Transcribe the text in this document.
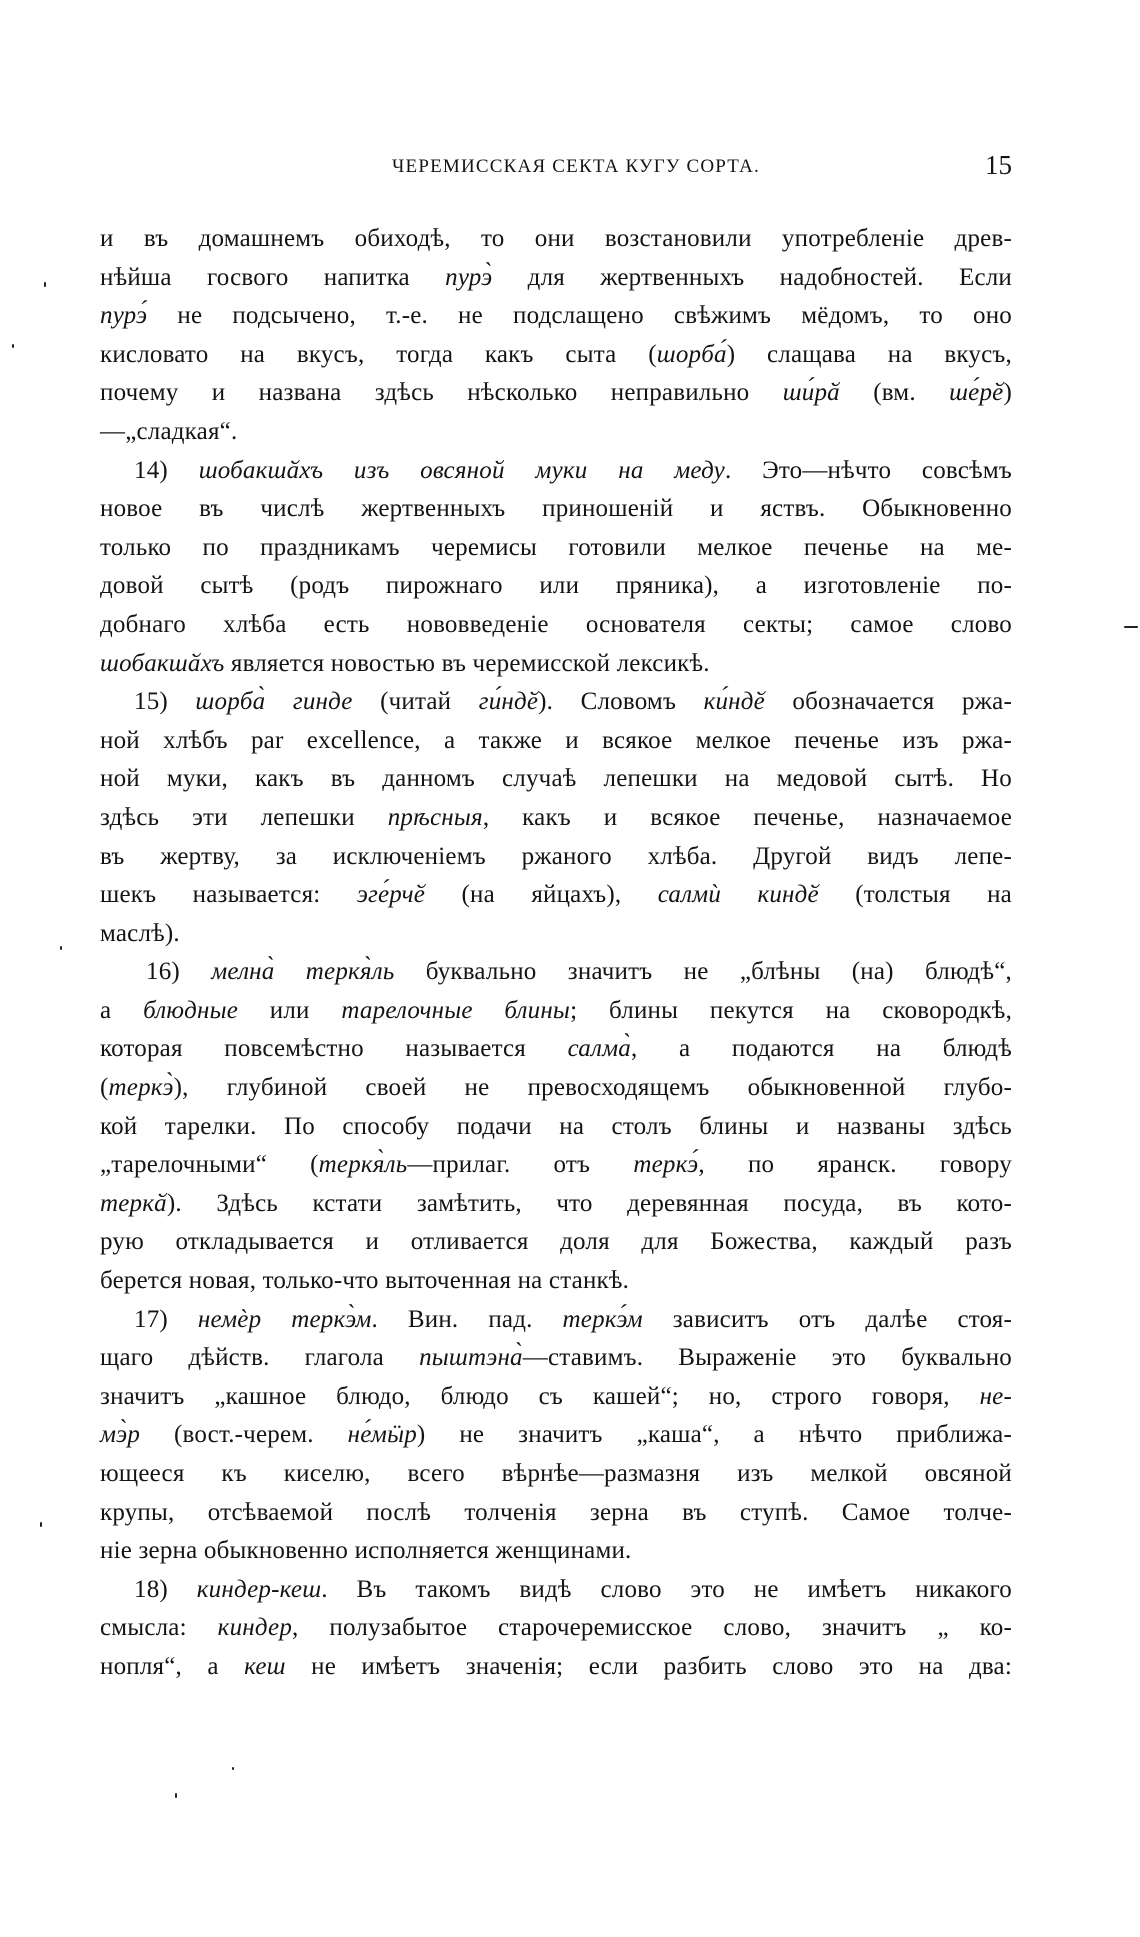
ЧЕРЕМИССКАЯ СЕКТА КУГУ СОРТА.	15
и въ домашнемъ обиходѣ, то они возстановили употребленіе древ-
нѣйша госвого напитка пурэ̀ для жертвенныхъ надобностей. Если
пурэ́ не подсычено, т.-е. не подслащено свѣжимъ мёдомъ, то оно
кисловато на вкусъ, тогда какъ сыта (шорба́) слащава на вкусъ,
почему и названа здѣсь нѣсколько неправильно ши́рӑ (вм. ше́рӗ)
—„сладкая“.
14) шобакшӑхъ изъ овсяной муки на меду. Это—нѣчто совсѣмъ
новое въ числѣ жертвенныхъ приношеній и яствъ. Обыкновенно
только по праздникамъ черемисы готовили мелкое печенье на ме-
довой сытѣ (родъ пирожнаго или пряника), а изготовленіе по-
добнаго хлѣба есть нововведеніе основателя секты; самое слово
шобакшӑхъ является новостью въ черемисской лексикѣ.
15) шорба̀ гинде (читай ги́ндӗ). Словомъ ки́ндӗ обозначается ржа-
ной хлѣбъ par excellence, а также и всякое мелкое печенье изъ ржа-
ной муки, какъ въ данномъ случаѣ лепешки на медовой сытѣ. Но
здѣсь эти лепешки прѣсныя, какъ и всякое печенье, назначаемое
въ жертву, за исключеніемъ ржаного хлѣба. Другой видъ лепе-
шекъ называется: эге́рчӗ (на яйцахъ), салмѝ киндӗ (толстыя на
маслѣ).
16) мелна̀ теркя̀ль буквально значитъ не „блѣны (на) блюдѣ“,
а блюдные или тарелочные блины; блины пекутся на сковородкѣ,
которая повсемѣстно называется салма̀, а подаются на блюдѣ
(теркэ̀), глубиной своей не превосходящемъ обыкновенной глубо-
кой тарелки. По способу подачи на столъ блины и названы здѣсь
„тарелочными“ (теркя̀ль—прилаг. отъ теркэ́, по яранск. говору
теркӑ). Здѣсь кстати замѣтить, что деревянная посуда, въ кото-
рую откладывается и отливается доля для Божества, каждый разъ
берется новая, только-что выточенная на станкѣ.
17) немѐр теркэ̀м. Вин. пад. теркэ́м зависитъ отъ далѣе стоя-
щаго дѣйств. глагола пыштэна̀—ставимъ. Выраженіе это буквально
значитъ „кашное блюдо, блюдо съ кашей“; но, строго говоря, не-
мэ̀р (вост.-черем. не́мӹр) не значитъ „каша“, а нѣчто приближа-
ющееся къ киселю, всего вѣрнѣе—размазня изъ мелкой овсяной
крупы, отсѣваемой послѣ толченія зерна въ ступѣ. Самое толче-
ніе зерна обыкновенно исполняется женщинами.
18) киндер-кеш. Въ такомъ видѣ слово это не имѣетъ никакого
смысла: киндер, полузабытое старочеремисское слово, значитъ „ ко-
нопля“, а кеш не имѣетъ значенія; если разбить слово это на два:
